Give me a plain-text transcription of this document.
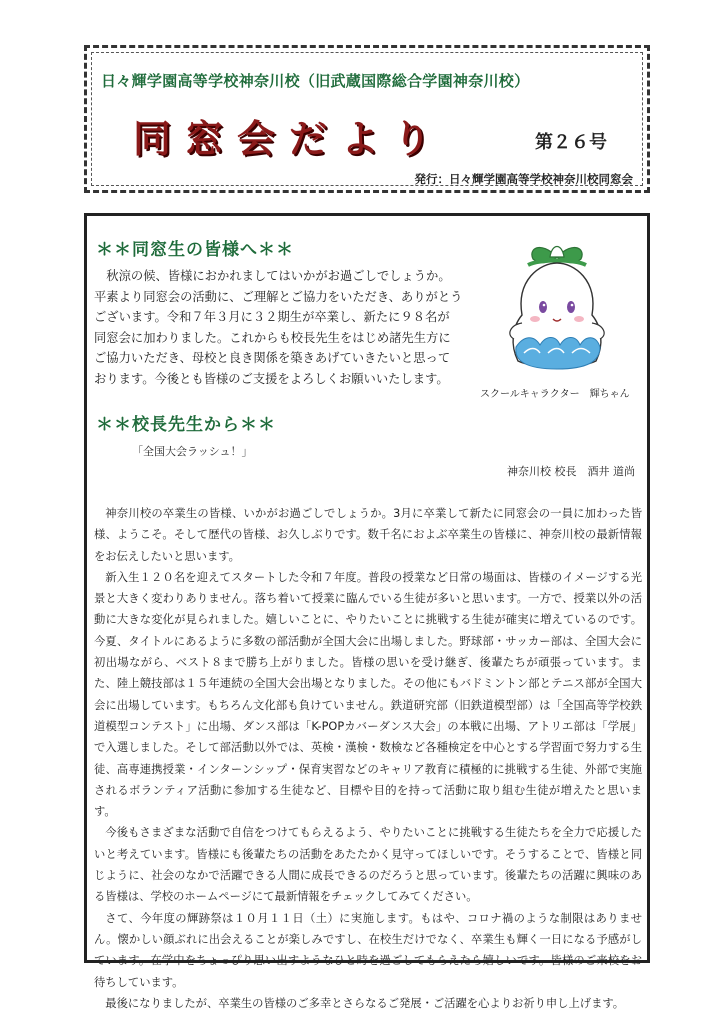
日々輝学園高等学校神奈川校（旧武蔵国際総合学園神奈川校）
同窓会だより	第２６号
発行：日々輝学園高等学校神奈川校同窓会
＊＊同窓生の皆様へ＊＊

　秋涼の候、皆様におかれましてはいかがお過ごしでしょうか。

平素より同窓会の活動に、ご理解とご協力をいただき、ありがとう

ございます。令和７年３月に３２期生が卒業し、新たに９８名が

同窓会に加わりました。これからも校長先生をはじめ諸先生方に

ご協力いただき、母校と良き関係を築きあげていきたいと思って

おります。今後とも皆様のご支援をよろしくお願いいたします。

スクールキャラクター　輝ちゃん
＊＊校長先生から＊＊
「全国大会ラッシュ！」
神奈川校 校長　酒井 道尚

神奈川校の卒業生の皆様、いかがお過ごしでしょうか。3月に卒業して新たに同窓会の一員に加わった皆様、ようこそ。そして歴代の皆様、お久しぶりです。数千名におよぶ卒業生の皆様に、神奈川校の最新情報をお伝えしたいと思います。

新入生１２０名を迎えてスタートした令和７年度。普段の授業など日常の場面は、皆様のイメージする光景と大きく変わりありません。落ち着いて授業に臨んでいる生徒が多いと思います。一方で、授業以外の活動に大きな変化が見られました。嬉しいことに、やりたいことに挑戦する生徒が確実に増えているのです。今夏、タイトルにあるように多数の部活動が全国大会に出場しました。野球部・サッカー部は、全国大会に初出場ながら、ベスト８まで勝ち上がりました。皆様の思いを受け継ぎ、後輩たちが頑張っています。また、陸上競技部は１５年連続の全国大会出場となりました。その他にもバドミントン部とテニス部が全国大会に出場しています。もちろん文化部も負けていません。鉄道研究部（旧鉄道模型部）は「全国高等学校鉄道模型コンテスト」に出場、ダンス部は「K-POPカバーダンス大会」の本戦に出場、アトリエ部は「学展」で入選しました。そして部活動以外では、英検・漢検・数検など各種検定を中心とする学習面で努力する生徒、高専連携授業・インターンシップ・保育実習などのキャリア教育に積極的に挑戦する生徒、外部で実施されるボランティア活動に参加する生徒など、目標や目的を持って活動に取り組む生徒が増えたと思います。

今後もさまざまな活動で自信をつけてもらえるよう、やりたいことに挑戦する生徒たちを全力で応援したいと考えています。皆様にも後輩たちの活動をあたたかく見守ってほしいです。そうすることで、皆様と同じように、社会のなかで活躍できる人間に成長できるのだろうと思っています。後輩たちの活躍に興味のある皆様は、学校のホームページにて最新情報をチェックしてみてください。

さて、今年度の輝跡祭は１０月１１日（土）に実施します。もはや、コロナ禍のような制限はありません。懐かしい顔ぶれに出会えることが楽しみですし、在校生だけでなく、卒業生も輝く一日になる予感がしています。在学中をちょっぴり思い出すようなひと時を過ごしてもらえたら嬉しいです。皆様のご来校をお待ちしています。

最後になりましたが、卒業生の皆様のご多幸とさらなるご発展・ご活躍を心よりお祈り申し上げます。
